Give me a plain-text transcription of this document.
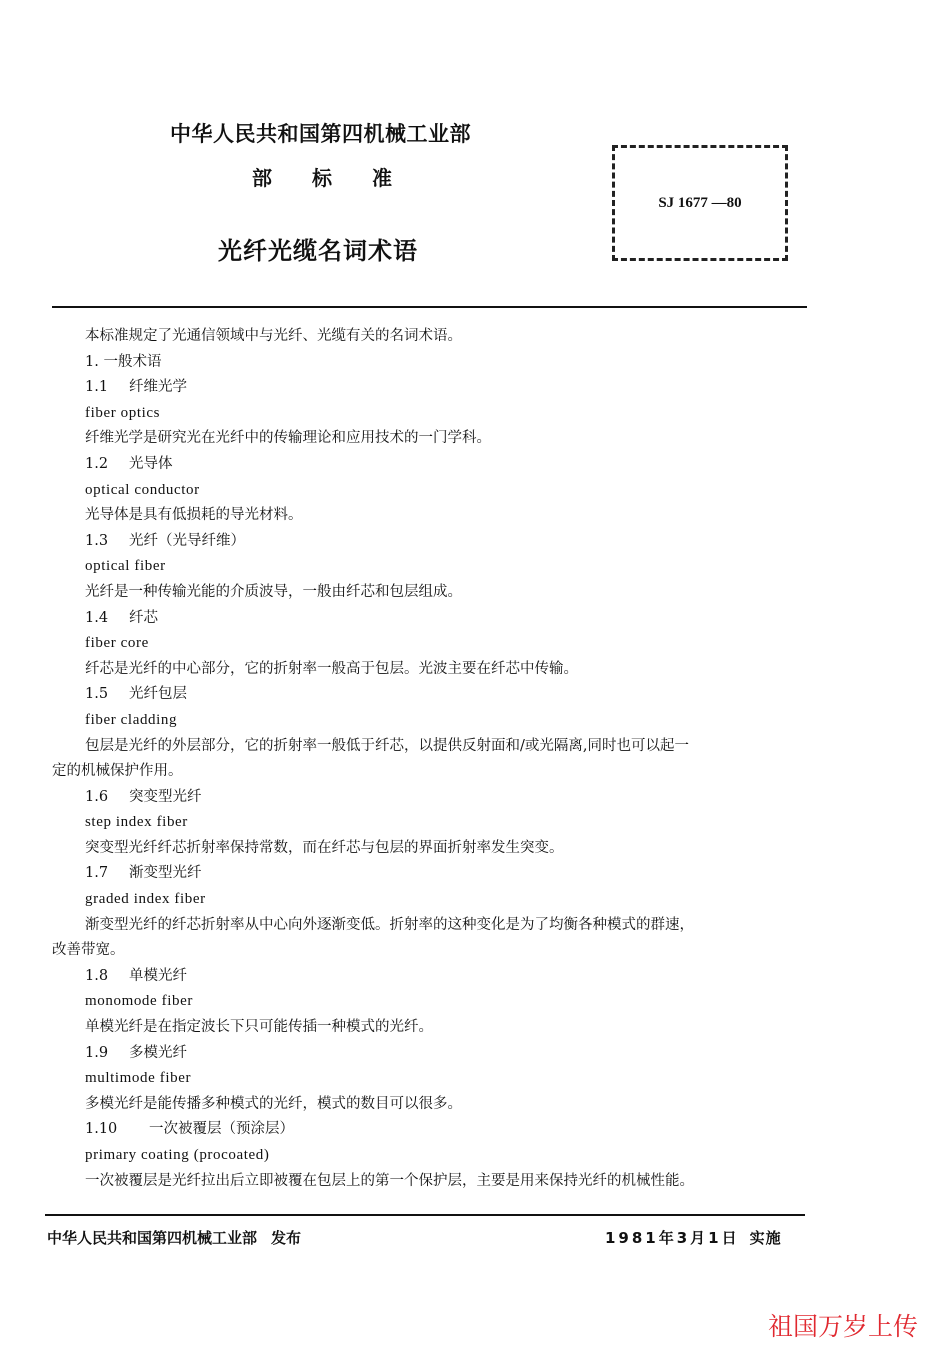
中华人民共和国第四机械工业部
部 标 准
光纤光缆名词术语
SJ 1677 —80
本标准规定了光通信领域中与光纤、光缆有关的名词术语。
1. 一般术语
1.1 纤维光学
fiber optics
纤维光学是研究光在光纤中的传输理论和应用技术的一门学科。
1.2 光导体
optical conductor
光导体是具有低损耗的导光材料。
1.3 光纤（光导纤维）
optical fiber
光纤是一种传输光能的介质波导，一般由纤芯和包层组成。
1.4 纤芯
fiber core
纤芯是光纤的中心部分，它的折射率一般高于包层。光波主要在纤芯中传输。
1.5 光纤包层
fiber cladding
包层是光纤的外层部分，它的折射率一般低于纤芯，以提供反射面和/或光隔离,同时也可以起一
定的机械保护作用。
1.6 突变型光纤
step index fiber
突变型光纤纤芯折射率保持常数，而在纤芯与包层的界面折射率发生突变。
1.7 渐变型光纤
graded index fiber
渐变型光纤的纤芯折射率从中心向外逐渐变低。折射率的这种变化是为了均衡各种模式的群速，
改善带宽。
1.8 单模光纤
monomode fiber
单模光纤是在指定波长下只可能传插一种模式的光纤。
1.9 多模光纤
multimode fiber
多模光纤是能传播多种模式的光纤，模式的数目可以很多。
1.10 一次被覆层（预涂层）
primary coating (procoated)
一次被覆层是光纤拉出后立即被覆在包层上的第一个保护层，主要是用来保持光纤的机械性能。
中华人民共和国第四机械工业部 发布	1981年3月1日 实施
祖国万岁上传
